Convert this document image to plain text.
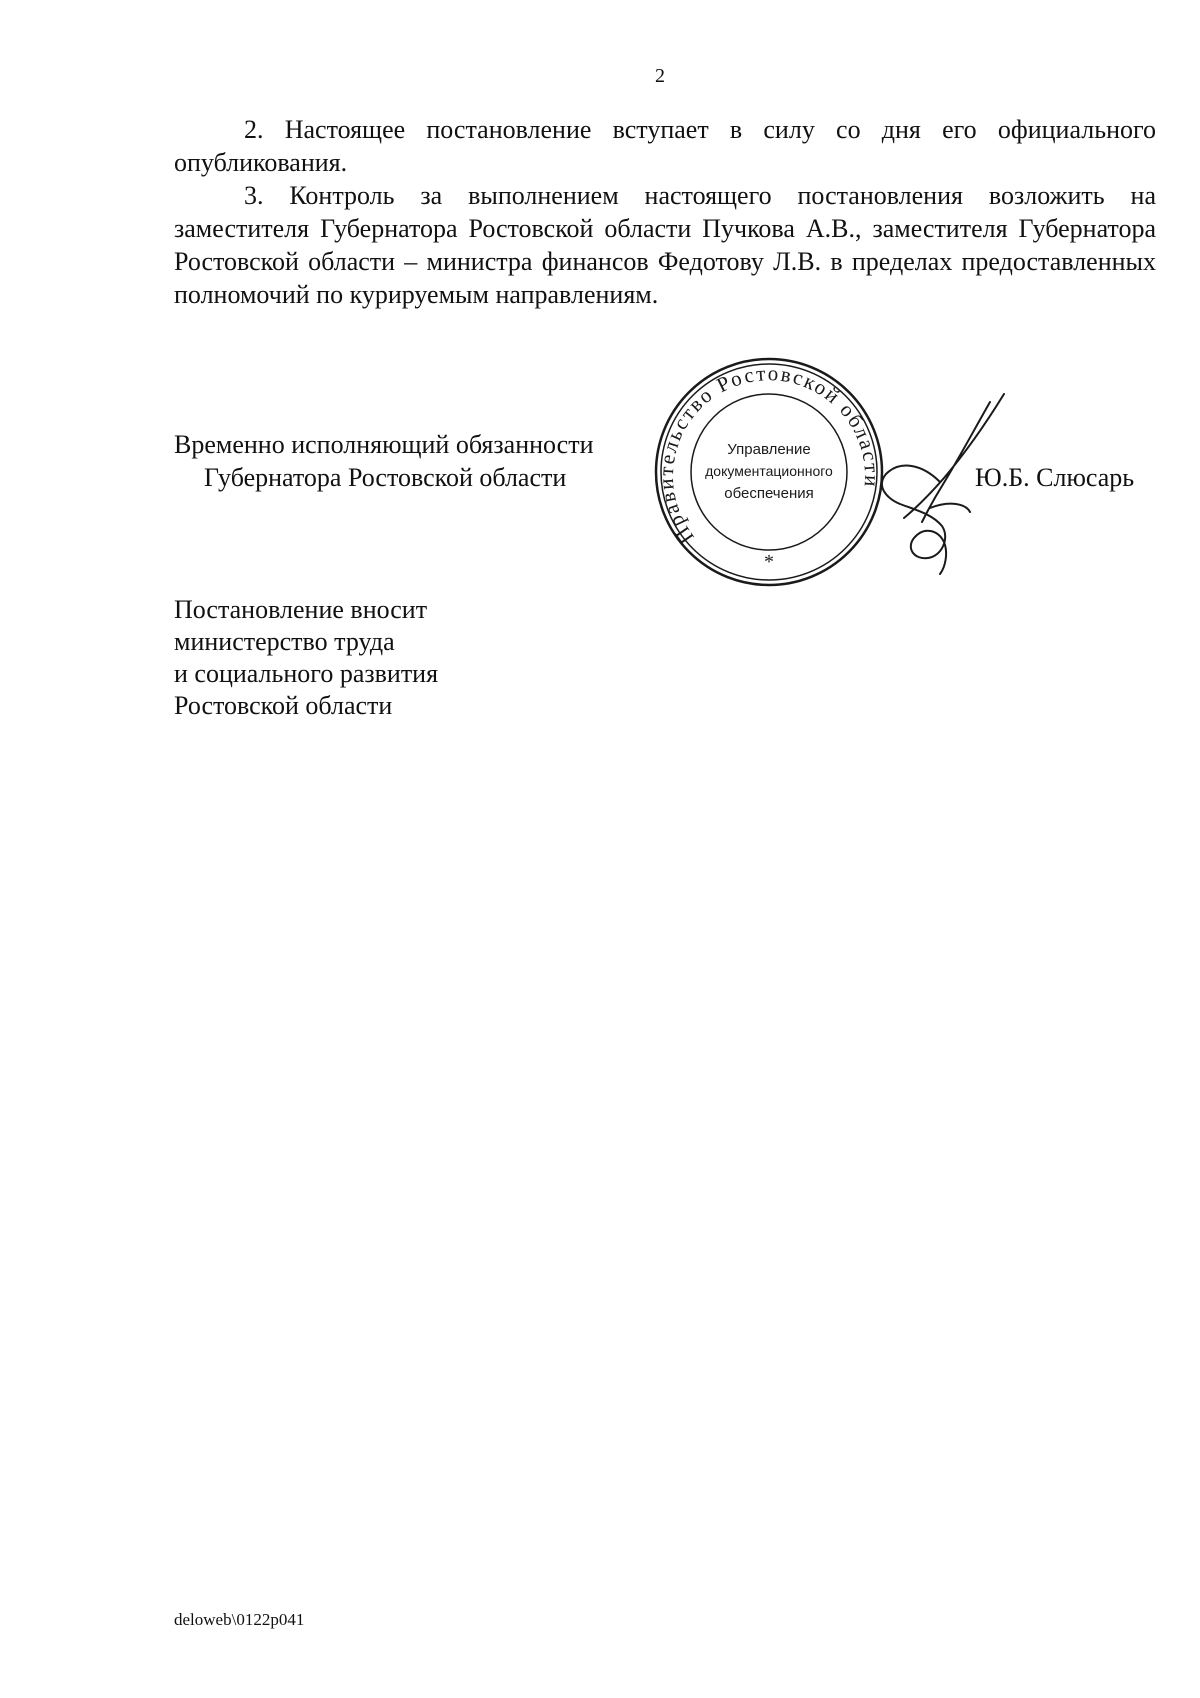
2

2. Настоящее постановление вступает в силу со дня его официального опубликования.

3. Контроль за выполнением настоящего постановления возложить на заместителя Губернатора Ростовской области Пучкова А.В., заместителя Губернатора Ростовской области – министра финансов Федотову Л.В. в пределах предоставленных полномочий по курируемым направлениям.

Временно исполняющий обязанности
Губернатора Ростовской области
Правительство Ростовской области
Управление
документационного
обеспечения
*
Ю.Б. Слюсарь
Постановление вносит
министерство труда
и социального развития
Ростовской области
deloweb\0122p041
